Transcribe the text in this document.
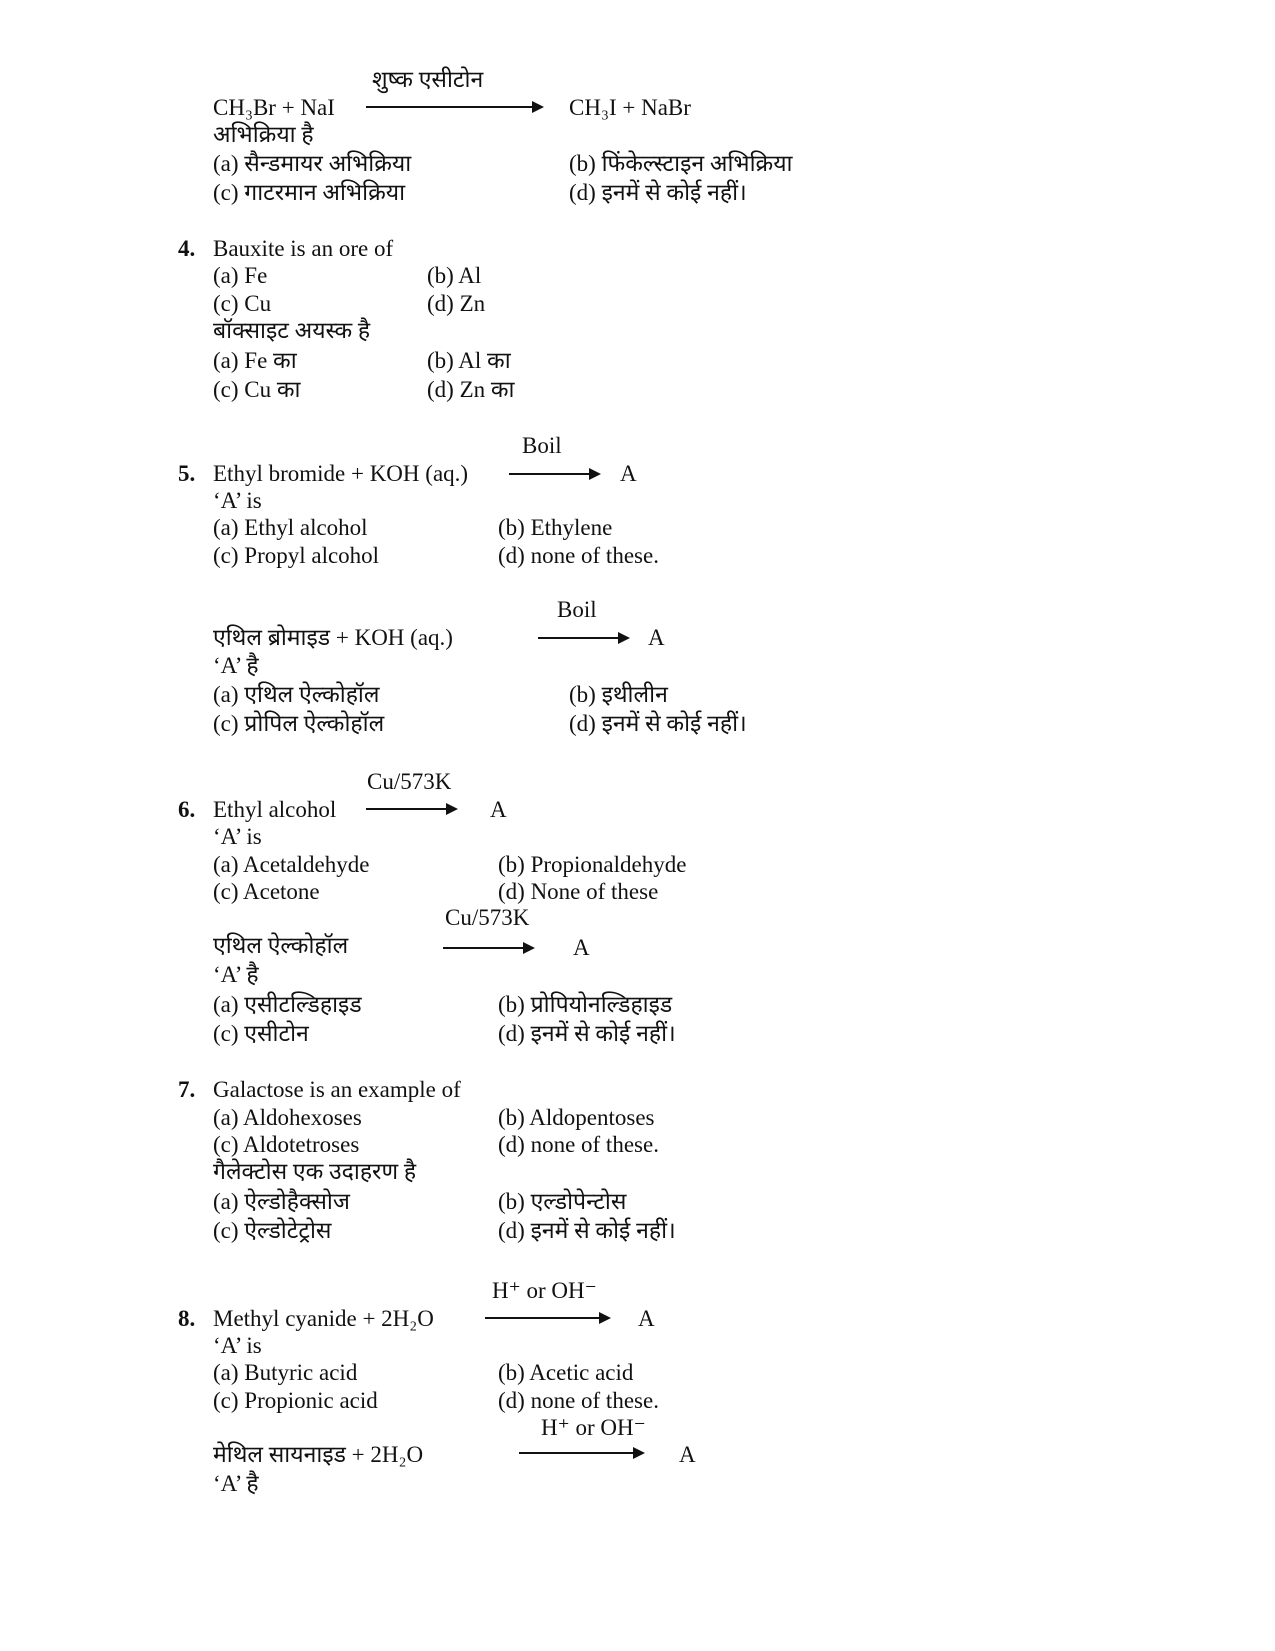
शुष्क एसीटोन
CH₃Br + NaI	CH₃I + NaBr
अभिक्रिया है
(a) सैन्डमायर अभिक्रिया	(b) फिंकेल्स्टाइन अभिक्रिया
(c) गाटरमान अभिक्रिया	(d) इनमें से कोई नहीं।
4. Bauxite is an ore of
(a) Fe	(b) Al
(c) Cu	(d) Zn
बॉक्साइट अयस्क है
(a) Fe का	(b) Al का
(c) Cu का	(d) Zn का
Boil
5. Ethyl bromide + KOH (aq.) → A
‘A’ is
(a) Ethyl alcohol	(b) Ethylene
(c) Propyl alcohol	(d) none of these.
Boil
एथिल ब्रोमाइड + KOH (aq.)	→ A
‘A’ है
(a) एथिल ऐल्कोहॉल	(b) इथीलीन
(c) प्रोपिल ऐल्कोहॉल	(d) इनमें से कोई नहीं।
Cu/573K
6. Ethyl alcohol → A
‘A’ is
(a) Acetaldehyde	(b) Propionaldehyde
(c) Acetone	(d) None of these
Cu/573K
एथिल ऐल्कोहॉल	A
‘A’ है
(a) एसीटल्डिहाइड	(b) प्रोपियोनल्डिहाइड
(c) एसीटोन	(d) इनमें से कोई नहीं।
7. Galactose is an example of
(a) Aldohexoses	(b) Aldopentoses
(c) Aldotetroses	(d) none of these.
गैलेक्टोस एक उदाहरण है
(a) ऐल्डोहैक्सोज	(b) एल्डोपेन्टोस
(c) ऐल्डोटेट्रोस	(d) इनमें से कोई नहीं।
H⁺ or OH⁻
8. Methyl cyanide + 2H₂O	A
‘A’ is
(a) Butyric acid	(b) Acetic acid
(c) Propionic acid	(d) none of these.
H⁺ or OH⁻
मेथिल सायनाइड + 2H₂O	A
‘A’ है
